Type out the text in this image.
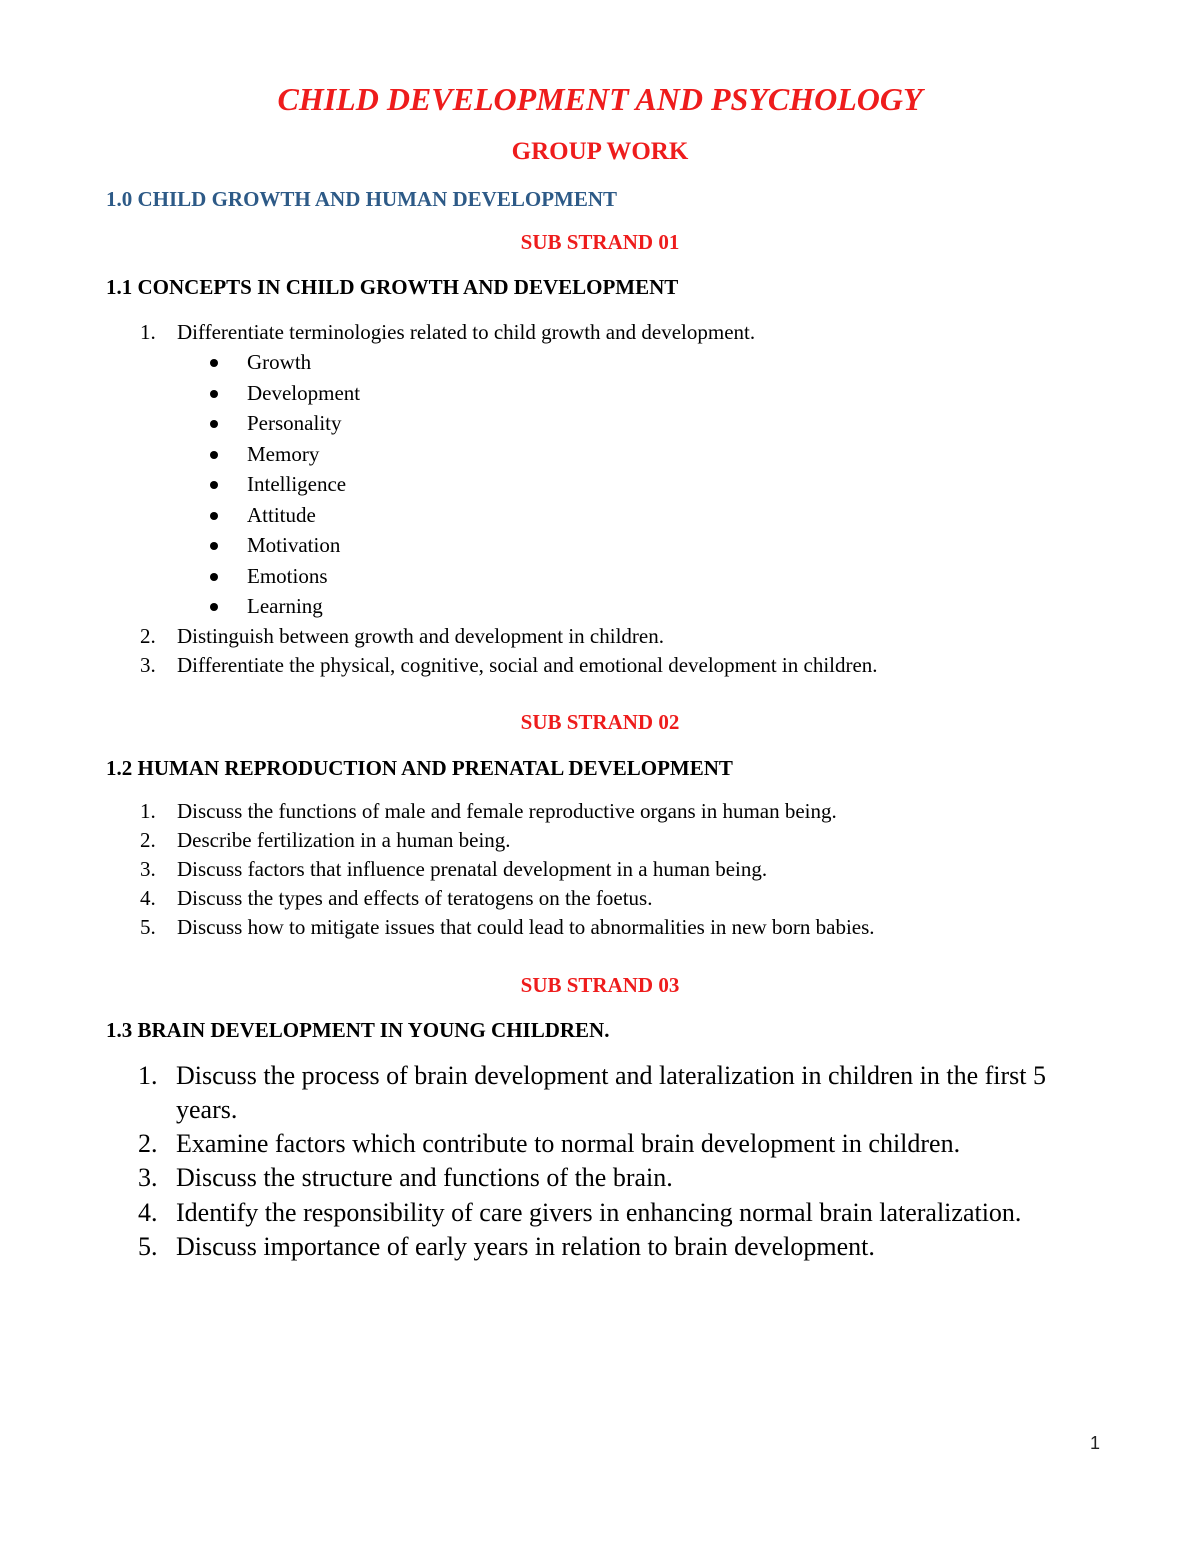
CHILD DEVELOPMENT AND PSYCHOLOGY
GROUP WORK
1.0 CHILD GROWTH AND HUMAN DEVELOPMENT
SUB STRAND 01
1.1 CONCEPTS IN CHILD GROWTH AND DEVELOPMENT
1.	Differentiate terminologies related to child growth and development.
Growth
Development
Personality
Memory
Intelligence
Attitude
Motivation
Emotions
Learning
2.	Distinguish between growth and development in children.
3.	Differentiate the physical, cognitive, social and emotional development in children.
SUB STRAND 02
1.2 HUMAN REPRODUCTION AND PRENATAL DEVELOPMENT
1.	Discuss the functions of male and female reproductive organs in human being.
2.	Describe fertilization in a human being.
3.	Discuss factors that influence prenatal development in a human being.
4.	Discuss the types and effects of teratogens on the foetus.
5.	Discuss how to mitigate issues that could lead to abnormalities in new born babies.
SUB STRAND 03
1.3 BRAIN DEVELOPMENT IN YOUNG CHILDREN.
1. Discuss the process of brain development and lateralization in children in the first 5
years.
2. Examine factors which contribute to normal brain development in children.
3. Discuss the structure and functions of the brain.
4. Identify the responsibility of care givers in enhancing normal brain lateralization.
5. Discuss importance of early years in relation to brain development.
1
